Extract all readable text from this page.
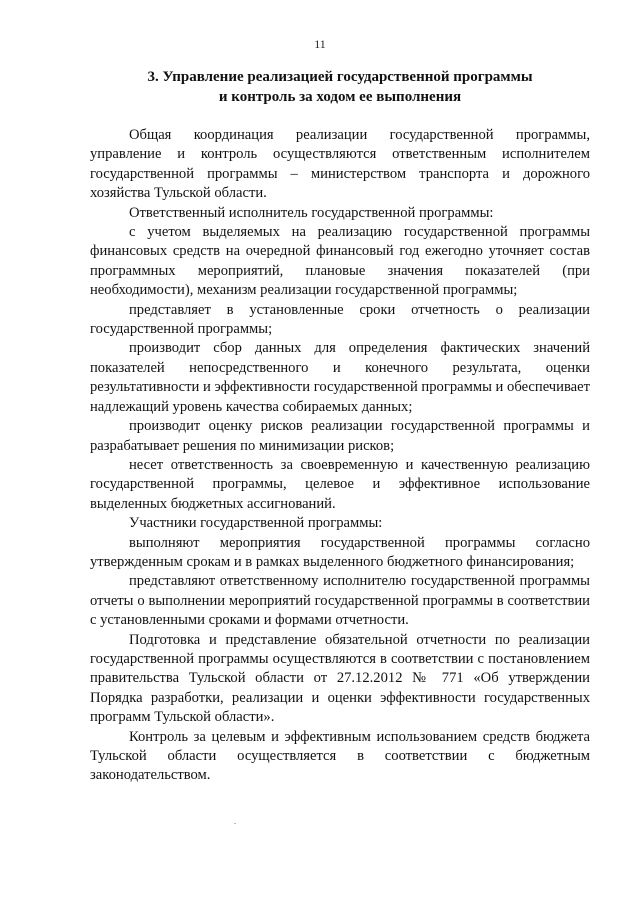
11
3. Управление реализацией государственной программы
и контроль за ходом ее выполнения

Общая координация реализации государственной программы, управление и контроль осуществляются ответственным исполнителем государственной программы – министерством транспорта и дорожного хозяйства Тульской области.

Ответственный исполнитель государственной программы:

с учетом выделяемых на реализацию государственной программы финансовых средств на очередной финансовый год ежегодно уточняет состав программных мероприятий, плановые значения показателей (при необходимости), механизм реализации государственной программы;

представляет в установленные сроки отчетность о реализации государственной программы;

производит сбор данных для определения фактических значений показателей непосредственного и конечного результата, оценки результативности и эффективности государственной программы и обеспечивает надлежащий уровень качества собираемых данных;

производит оценку рисков реализации государственной программы и разрабатывает решения по минимизации рисков;

несет ответственность за своевременную и качественную реализацию государственной программы, целевое и эффективное использование выделенных бюджетных ассигнований.

Участники государственной программы:

выполняют мероприятия государственной программы согласно утвержденным срокам и в рамках выделенного бюджетного финансирования;

представляют ответственному исполнителю государственной программы отчеты о выполнении мероприятий государственной программы в соответствии с установленными сроками и формами отчетности.

Подготовка и представление обязательной отчетности по реализации государственной программы осуществляются в соответствии с постановлением правительства Тульской области от 27.12.2012 № 771 «Об утверждении Порядка разработки, реализации и оценки эффективности государственных программ Тульской области».

Контроль за целевым и эффективным использованием средств бюджета Тульской области осуществляется в соответствии с бюджетным законодательством.
